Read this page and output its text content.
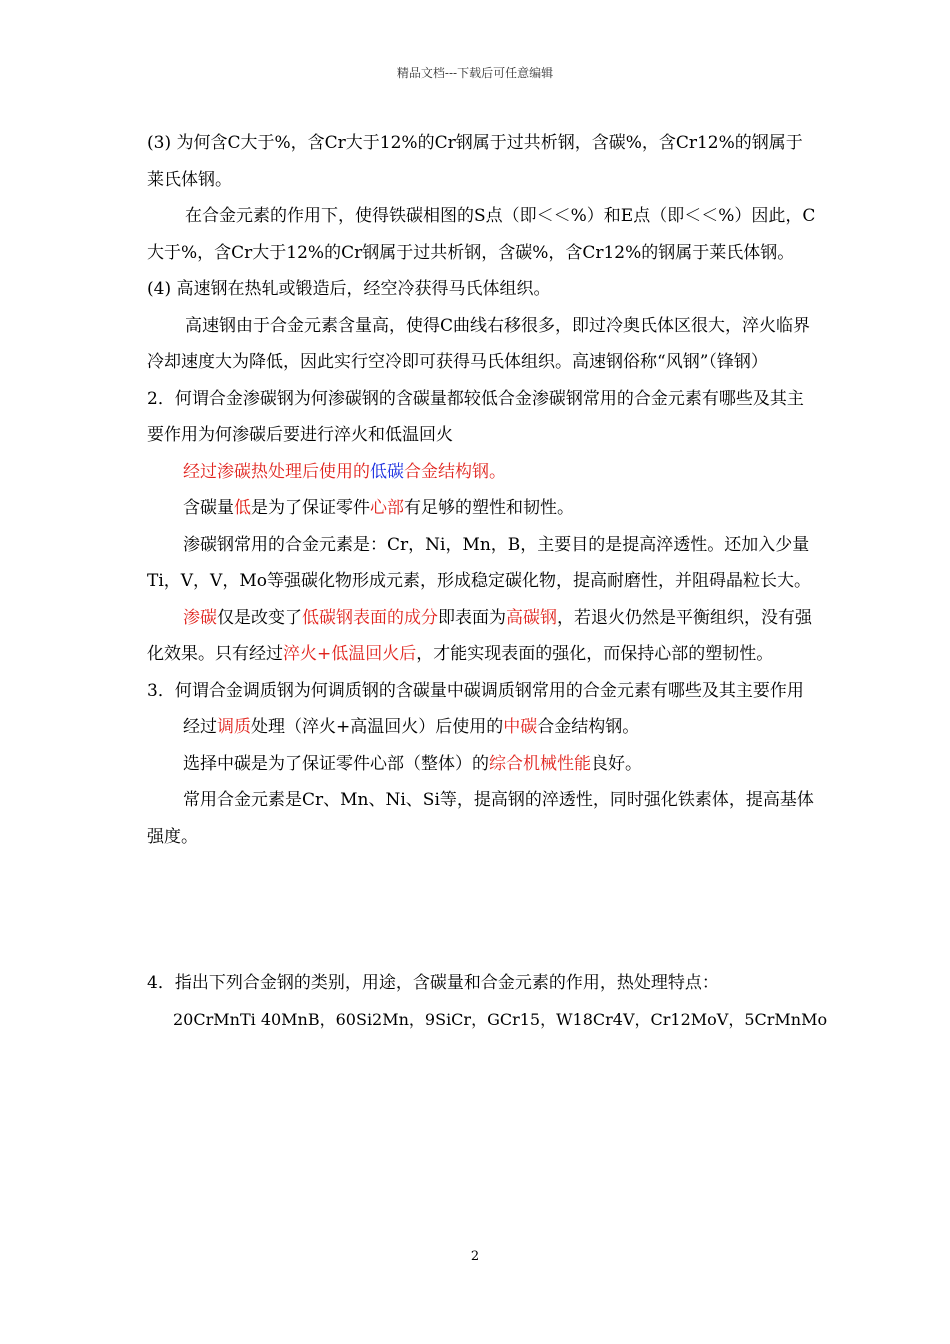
精品文档---下载后可任意编辑

(3) 为何含C大于%，含Cr大于12%的Cr钢属于过共析钢，含碳%，含Cr12%的钢属于莱氏体钢。

在合金元素的作用下，使得铁碳相图的S点（即＜＜%）和E点（即＜＜%）因此，C大于%，含Cr大于12%的Cr钢属于过共析钢，含碳%，含Cr12%的钢属于莱氏体钢。

(4) 高速钢在热轧或锻造后，经空冷获得马氏体组织。

高速钢由于合金元素含量高，使得C曲线右移很多，即过冷奥氏体区很大，淬火临界冷却速度大为降低，因此实行空冷即可获得马氏体组织。高速钢俗称“风钢”（锋钢）

2．何谓合金渗碳钢为何渗碳钢的含碳量都较低合金渗碳钢常用的合金元素有哪些及其主要作用为何渗碳后要进行淬火和低温回火

经过渗碳热处理后使用的低碳合金结构钢。

含碳量低是为了保证零件心部有足够的塑性和韧性。

渗碳钢常用的合金元素是：Cr，Ni，Mn，B，主要目的是提高淬透性。还加入少量Ti，V，V，Mo等强碳化物形成元素，形成稳定碳化物，提高耐磨性，并阻碍晶粒长大。

渗碳仅是改变了低碳钢表面的成分即表面为高碳钢，若退火仍然是平衡组织，没有强化效果。只有经过淬火+低温回火后，才能实现表面的强化，而保持心部的塑韧性。

3．何谓合金调质钢为何调质钢的含碳量中碳调质钢常用的合金元素有哪些及其主要作用

经过调质处理（淬火+高温回火）后使用的中碳合金结构钢。

选择中碳是为了保证零件心部（整体）的综合机械性能良好。

常用合金元素是Cr、Mn、Ni、Si等，提高钢的淬透性，同时强化铁素体，提高基体强度。

4．指出下列合金钢的类别，用途，含碳量和合金元素的作用，热处理特点：

20CrMnTi 40MnB，60Si2Mn，9SiCr，GCr15，W18Cr4V，Cr12MoV，5CrMnMo

2
